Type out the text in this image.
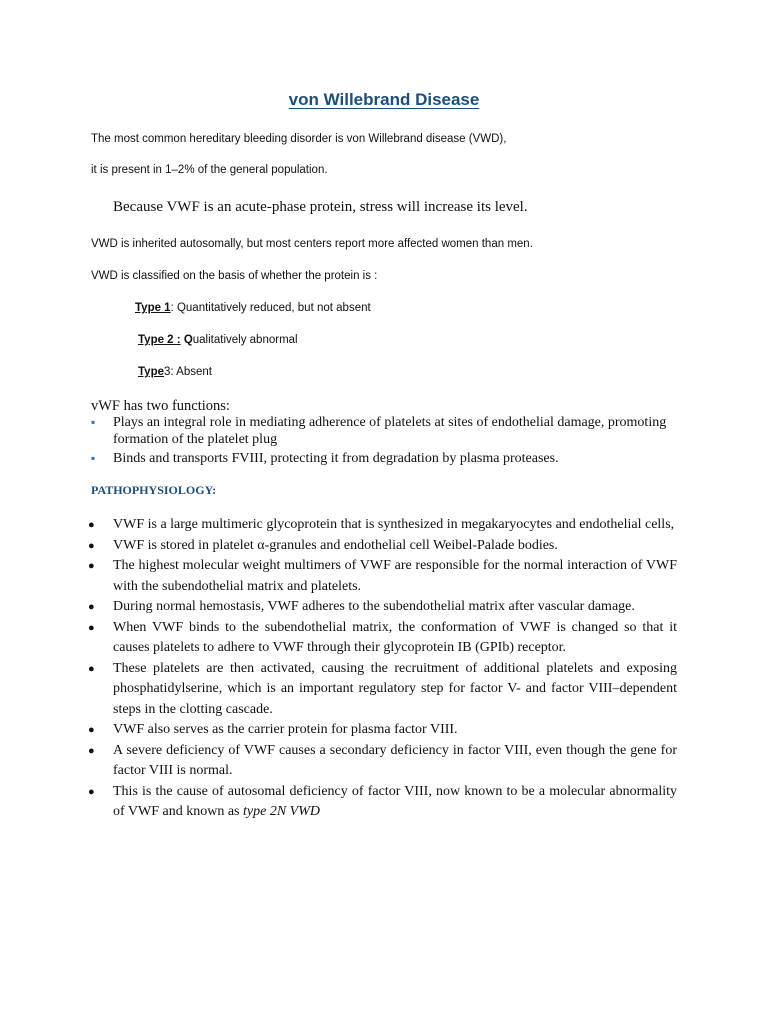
von Willebrand Disease
The most common hereditary bleeding disorder is von Willebrand disease (VWD),
it is present in 1–2% of the general population.
Because VWF is an acute-phase protein, stress will increase its level.
VWD is inherited autosomally, but most centers report more affected women than men.
VWD is classified on the basis of whether the protein is :
Type 1: Quantitatively reduced, but not absent
Type 2 : Qualitatively abnormal
Type3: Absent
vWF has two functions:
▪ Plays an integral role in mediating adherence of platelets at sites of endothelial damage, promoting formation of the platelet plug
▪ Binds and transports FVIII, protecting it from degradation by plasma proteases.
PATHOPHYSIOLOGY:
● VWF is a large multimeric glycoprotein that is synthesized in megakaryocytes and endothelial cells,
● VWF is stored in platelet α-granules and endothelial cell Weibel-Palade bodies.
● The highest molecular weight multimers of VWF are responsible for the normal interaction of VWF with the subendothelial matrix and platelets.
● During normal hemostasis, VWF adheres to the subendothelial matrix after vascular damage.
● When VWF binds to the subendothelial matrix, the conformation of VWF is changed so that it causes platelets to adhere to VWF through their glycoprotein IB (GPIb) receptor.
● These platelets are then activated, causing the recruitment of additional platelets and exposing phosphatidylserine, which is an important regulatory step for factor V- and factor VIII–dependent steps in the clotting cascade.
● VWF also serves as the carrier protein for plasma factor VIII.
● A severe deficiency of VWF causes a secondary deficiency in factor VIII, even though the gene for factor VIII is normal.
● This is the cause of autosomal deficiency of factor VIII, now known to be a molecular abnormality of VWF and known as type 2N VWD
